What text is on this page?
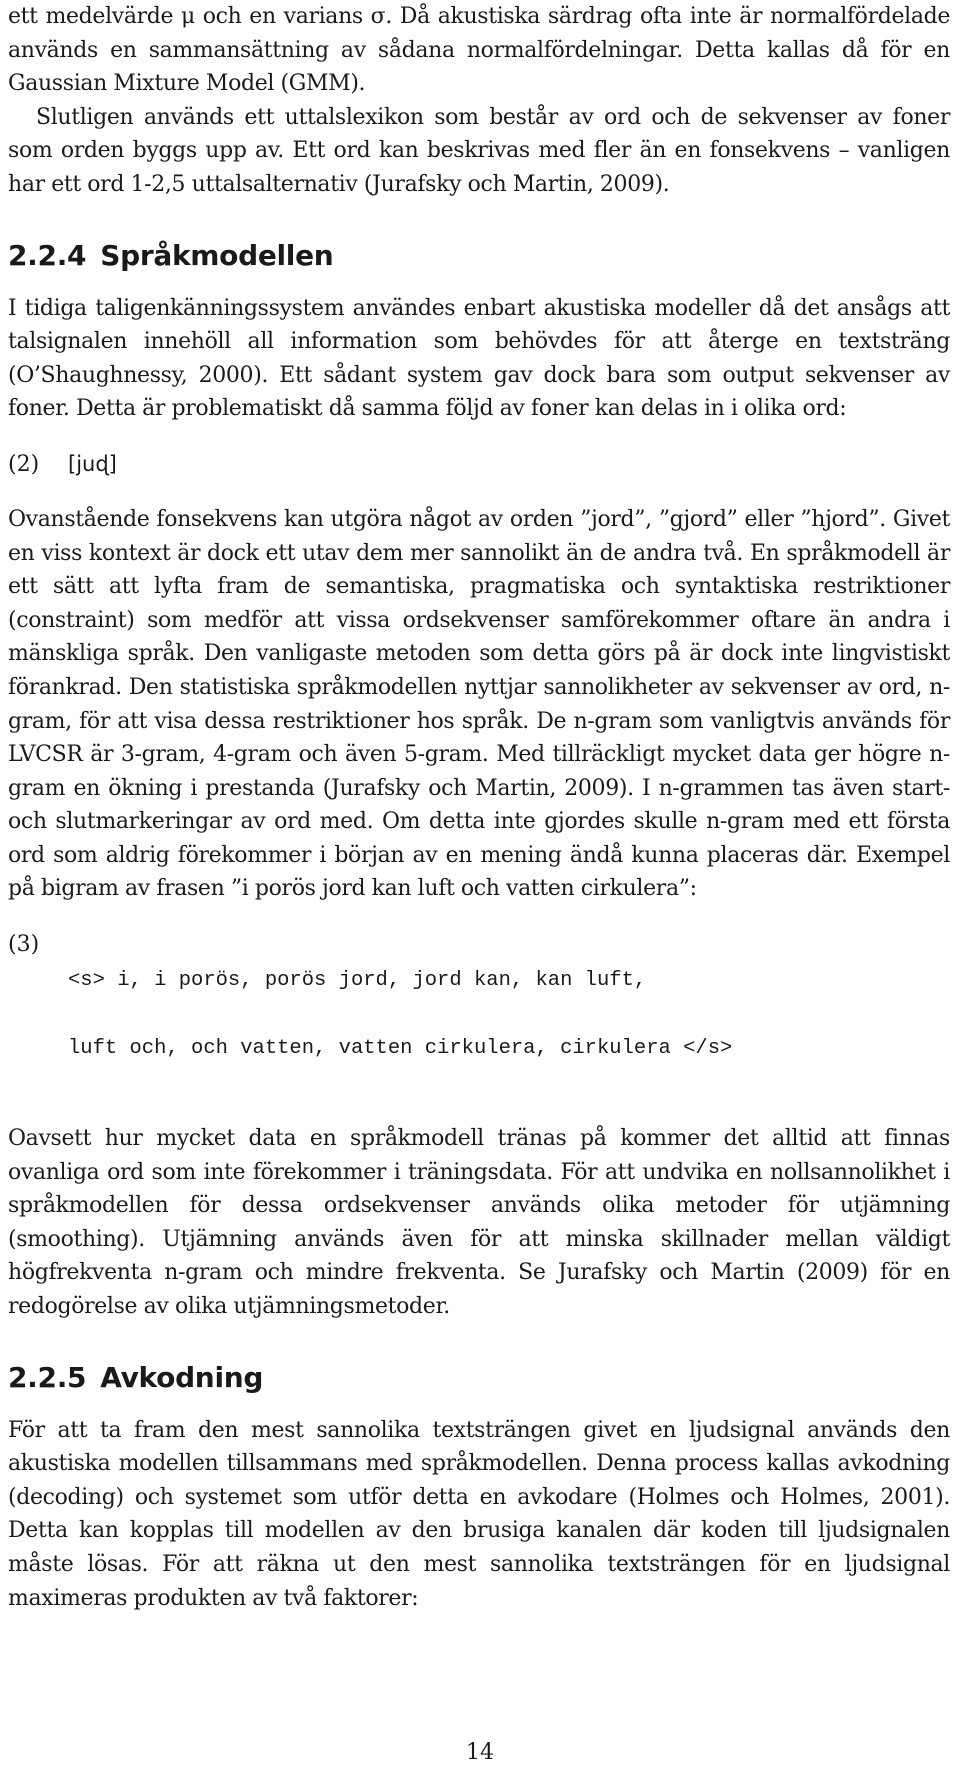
ett medelvärde μ och en varians σ. Då akustiska särdrag ofta inte är normalfördelade används en sammansättning av sådana normalfördelningar. Detta kallas då för en Gaussian Mixture Model (GMM).

Slutligen används ett uttalslexikon som består av ord och de sekvenser av foner som orden byggs upp av. Ett ord kan beskrivas med fler än en fonsekvens – vanligen har ett ord 1-2,5 uttalsalternativ (Jurafsky och Martin, 2009).

2.2.4 Språkmodellen

I tidiga taligenkänningssystem användes enbart akustiska modeller då det ansågs att talsignalen innehöll all information som behövdes för att återge en textsträng (O’Shaughnessy, 2000). Ett sådant system gav dock bara som output sekvenser av foner. Detta är problematiskt då samma följd av foner kan delas in i olika ord:

(2)	[juɖ]

Ovanstående fonsekvens kan utgöra något av orden ”jord”, ”gjord” eller ”hjord”. Givet en viss kontext är dock ett utav dem mer sannolikt än de andra två. En språkmodell är ett sätt att lyfta fram de semantiska, pragmatiska och syntaktiska restriktioner (constraint) som medför att vissa ordsekvenser samförekommer oftare än andra i mänskliga språk. Den vanligaste metoden som detta görs på är dock inte lingvistiskt förankrad. Den statistiska språkmodellen nyttjar sannolikheter av sekvenser av ord, n-gram, för att visa dessa restriktioner hos språk. De n-gram som vanligtvis används för LVCSR är 3-gram, 4-gram och även 5-gram. Med tillräckligt mycket data ger högre n-gram en ökning i prestanda (Jurafsky och Martin, 2009). I n-grammen tas även start- och slutmarkeringar av ord med. Om detta inte gjordes skulle n-gram med ett första ord som aldrig förekommer i början av en mening ändå kunna placeras där. Exempel på bigram av frasen ”i porös jord kan luft och vatten cirkulera”:

(3)

<s> i, i porös, porös jord, jord kan, kan luft,

luft och, och vatten, vatten cirkulera, cirkulera </s>

Oavsett hur mycket data en språkmodell tränas på kommer det alltid att finnas ovanliga ord som inte förekommer i träningsdata. För att undvika en nollsannolikhet i språkmodellen för dessa ordsekvenser används olika metoder för utjämning (smoothing). Utjämning används även för att minska skillnader mellan väldigt högfrekventa n-gram och mindre frekventa. Se Jurafsky och Martin (2009) för en redogörelse av olika utjämningsmetoder.

2.2.5 Avkodning

För att ta fram den mest sannolika textsträngen givet en ljudsignal används den akustiska modellen tillsammans med språkmodellen. Denna process kallas avkodning (decoding) och systemet som utför detta en avkodare (Holmes och Holmes, 2001). Detta kan kopplas till modellen av den brusiga kanalen där koden till ljudsignalen måste lösas. För att räkna ut den mest sannolika textsträngen för en ljudsignal maximeras produkten av två faktorer:

14
